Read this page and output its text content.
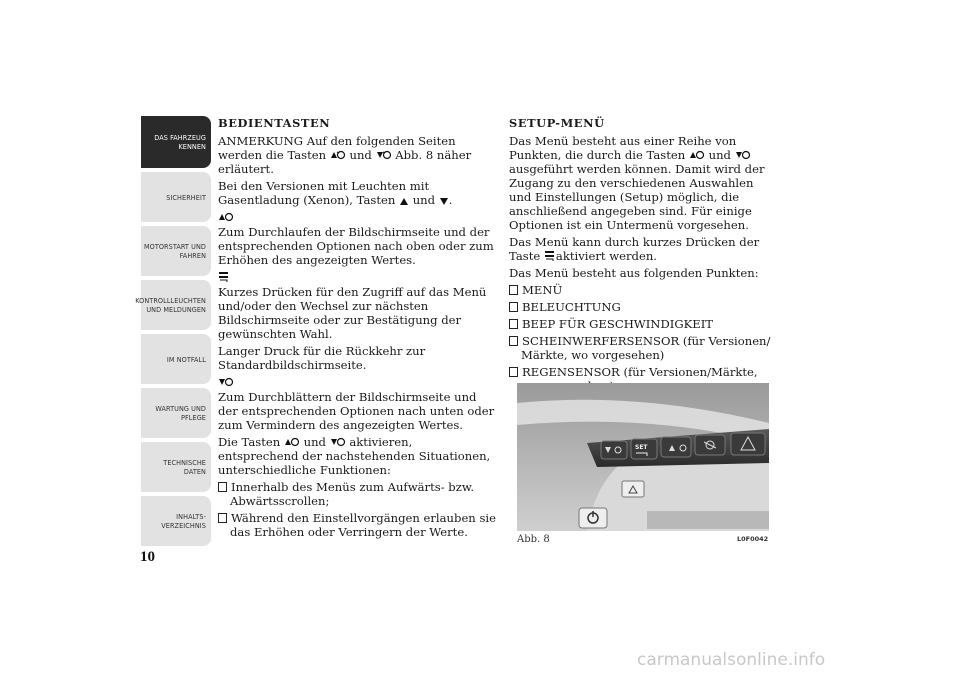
DAS FAHRZEUG
KENNEN
SICHERHEIT
MOTORSTART UND
FAHREN
KONTROLLLEUCHTEN
UND MELDUNGEN
IM NOTFALL
WARTUNG UND
PFLEGE
TECHNISCHE
DATEN
INHALTS-
VERZEICHNIS
10
BEDIENTASTEN

ANMERKUNG Auf den folgenden Seiten werden die Tasten und Abb. 8 näher erläutert.

Bei den Versionen mit Leuchten mit Gasentladung (Xenon), Tasten und .

Zum Durchlaufen der Bildschirmseite und der entsprechenden Optionen nach oben oder zum Erhöhen des angezeigten Wertes.

Kurzes Drücken für den Zugriff auf das Menü und/oder den Wechsel zur nächsten Bildschirmseite oder zur Bestätigung der gewünschten Wahl.

Langer Druck für die Rückkehr zur Standardbildschirmseite.

Zum Durchblättern der Bildschirmseite und der entsprechenden Optionen nach unten oder zum Vermindern des angezeigten Wertes.

Die Tasten und aktivieren, entsprechend der nachstehenden Situationen, unterschiedliche Funktionen:

Innerhalb des Menüs zum Aufwärts- bzw. Abwärtsscrollen;

Während den Einstellvorgängen erlauben sie das Erhöhen oder Verringern der Werte.

SETUP-MENÜ

Das Menü besteht aus einer Reihe von Punkten, die durch die Tasten und  ausgeführt werden können. Damit wird der Zugang zu den verschiedenen Auswahlen und Einstellungen (Setup) möglich, die anschließend angegeben sind. Für einige Optionen ist ein Untermenü vorgesehen.

Das Menü kann durch kurzes Drücken der Taste aktiviert werden.

Das Menü besteht aus folgenden Punkten:

MENÜ

BELEUCHTUNG

BEEP FÜR GESCHWINDIGKEIT

SCHEINWERFERSENSOR (für Versionen/ Märkte, wo vorgesehen)

REGENSENSOR (für Versionen/Märkte,

SET
Abb. 8	L0F0042
carmanualsonline.info
